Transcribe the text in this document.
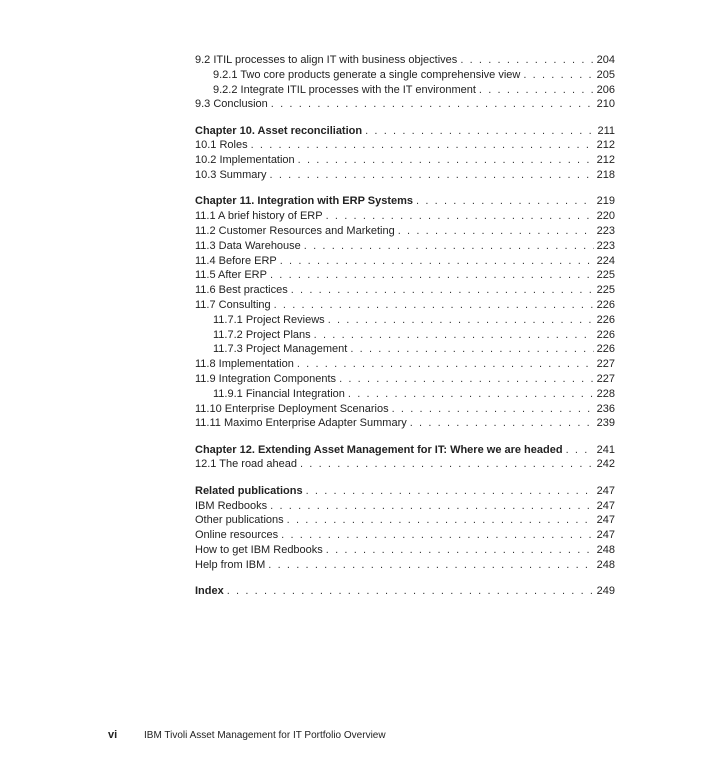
9.2 ITIL processes to align IT with business objectives . . .	204
9.2.1 Two core products generate a single comprehensive view . . .	205
9.2.2 Integrate ITIL processes with the IT environment . . .	206
9.3 Conclusion . . .	210
Chapter 10. Asset reconciliation . . .	211
10.1 Roles . . .	212
10.2 Implementation . . .	212
10.3 Summary . . .	218
Chapter 11. Integration with ERP Systems . . .	219
11.1 A brief history of ERP . . .	220
11.2 Customer Resources and Marketing . . .	223
11.3 Data Warehouse . . .	223
11.4 Before ERP . . .	224
11.5 After ERP . . .	225
11.6 Best practices . . .	225
11.7 Consulting . . .	226
11.7.1 Project Reviews . . .	226
11.7.2 Project Plans . . .	226
11.7.3 Project Management . . .	226
11.8 Implementation . . .	227
11.9 Integration Components . . .	227
11.9.1 Financial Integration . . .	228
11.10 Enterprise Deployment Scenarios . . .	236
11.11 Maximo Enterprise Adapter Summary . . .	239
Chapter 12. Extending Asset Management for IT: Where we are headed . . .	241
12.1 The road ahead . . .	242
Related publications . . .	247
IBM Redbooks . . .	247
Other publications . . .	247
Online resources . . .	247
How to get IBM Redbooks . . .	248
Help from IBM . . .	248
Index . . .	249
vi	IBM Tivoli Asset Management for IT Portfolio Overview
